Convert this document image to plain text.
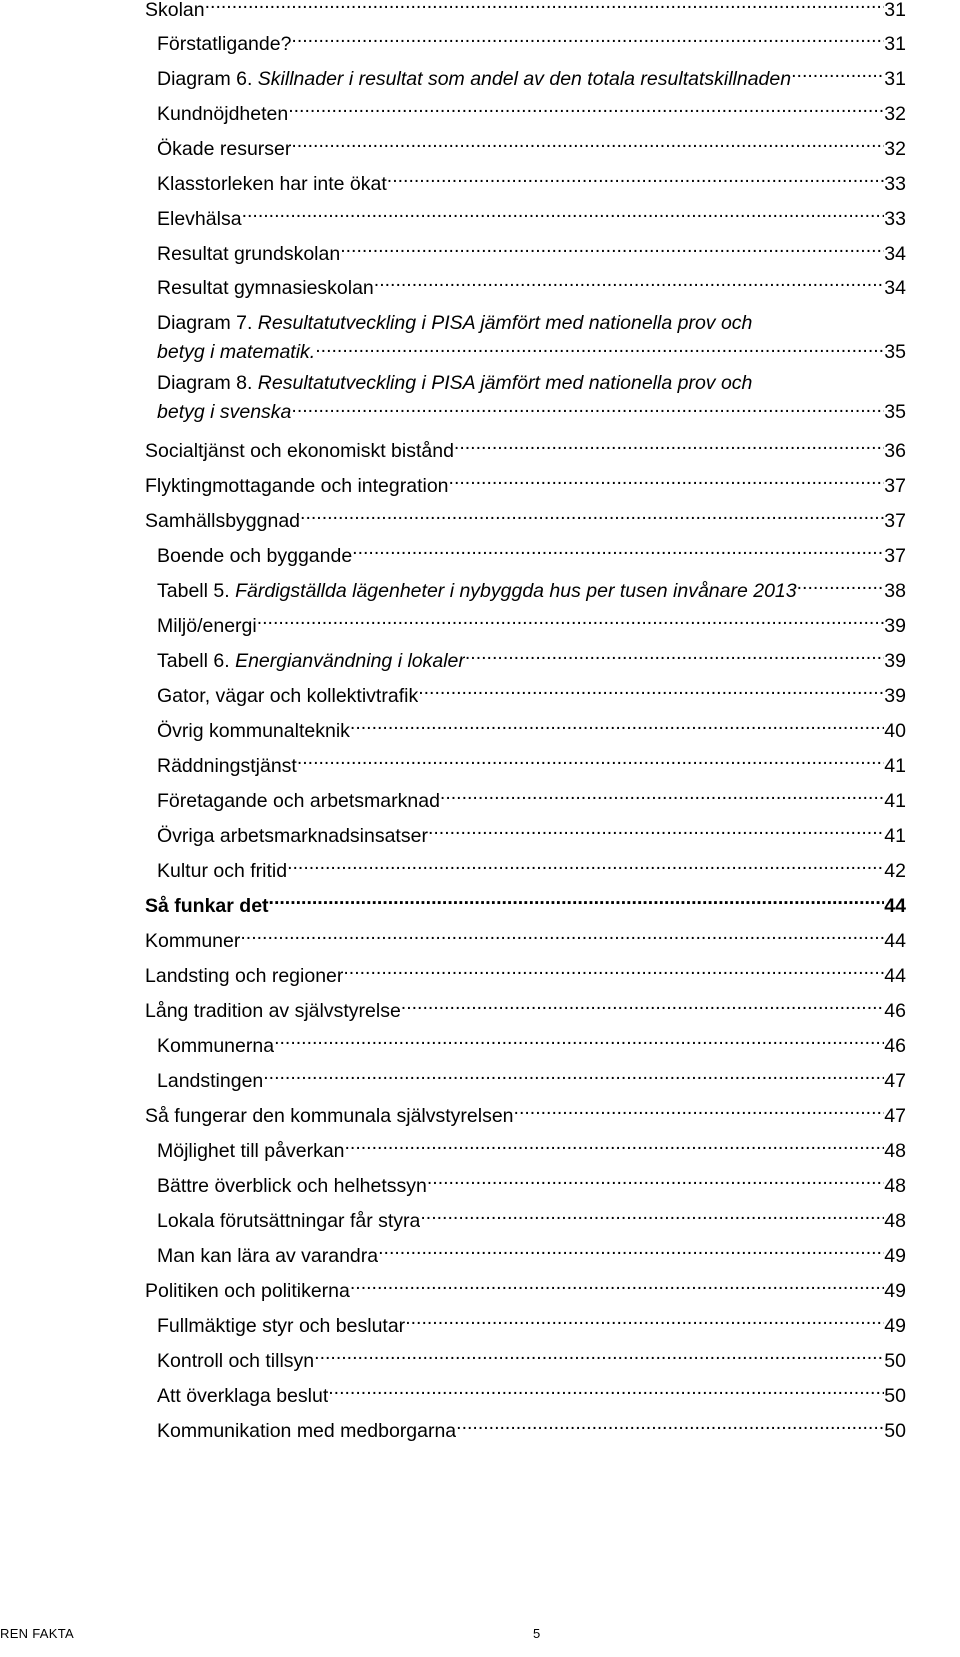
Skolan .....	31
Förstatligande? .....	31
Diagram 6. Skillnader i resultat som andel av den totala resultatskillnaden .....	31
Kundnöjdheten .....	32
Ökade resurser .....	32
Klasstorleken har inte ökat .....	33
Elevhälsa .....	33
Resultat grundskolan .....	34
Resultat gymnasieskolan .....	34
Diagram 7. Resultatutveckling i PISA jämfört med nationella prov och
betyg i matematik. .....	35
Diagram 8. Resultatutveckling i PISA jämfört med nationella prov och
betyg i svenska .....	35
Socialtjänst och ekonomiskt bistånd .....	36
Flyktingmottagande och integration .....	37
Samhällsbyggnad .....	37
Boende och byggande .....	37
Tabell 5. Färdigställda lägenheter i nybyggda hus per tusen invånare 2013 .....	38
Miljö/energi .....	39
Tabell 6. Energianvändning i lokaler .....	39
Gator, vägar och kollektivtrafik .....	39
Övrig kommunalteknik .....	40
Räddningstjänst .....	41
Företagande och arbetsmarknad .....	41
Övriga arbetsmarknadsinsatser .....	41
Kultur och fritid .....	42
Så funkar det .....	44
Kommuner .....	44
Landsting och regioner .....	44
Lång tradition av självstyrelse .....	46
Kommunerna .....	46
Landstingen .....	47
Så fungerar den kommunala självstyrelsen .....	47
Möjlighet till påverkan .....	48
Bättre överblick och helhetssyn .....	48
Lokala förutsättningar får styra .....	48
Man kan lära av varandra .....	49
Politiken och politikerna .....	49
Fullmäktige styr och beslutar .....	49
Kontroll och tillsyn .....	50
Att överklaga beslut .....	50
Kommunikation med medborgarna .....	50
REN FAKTA	5
